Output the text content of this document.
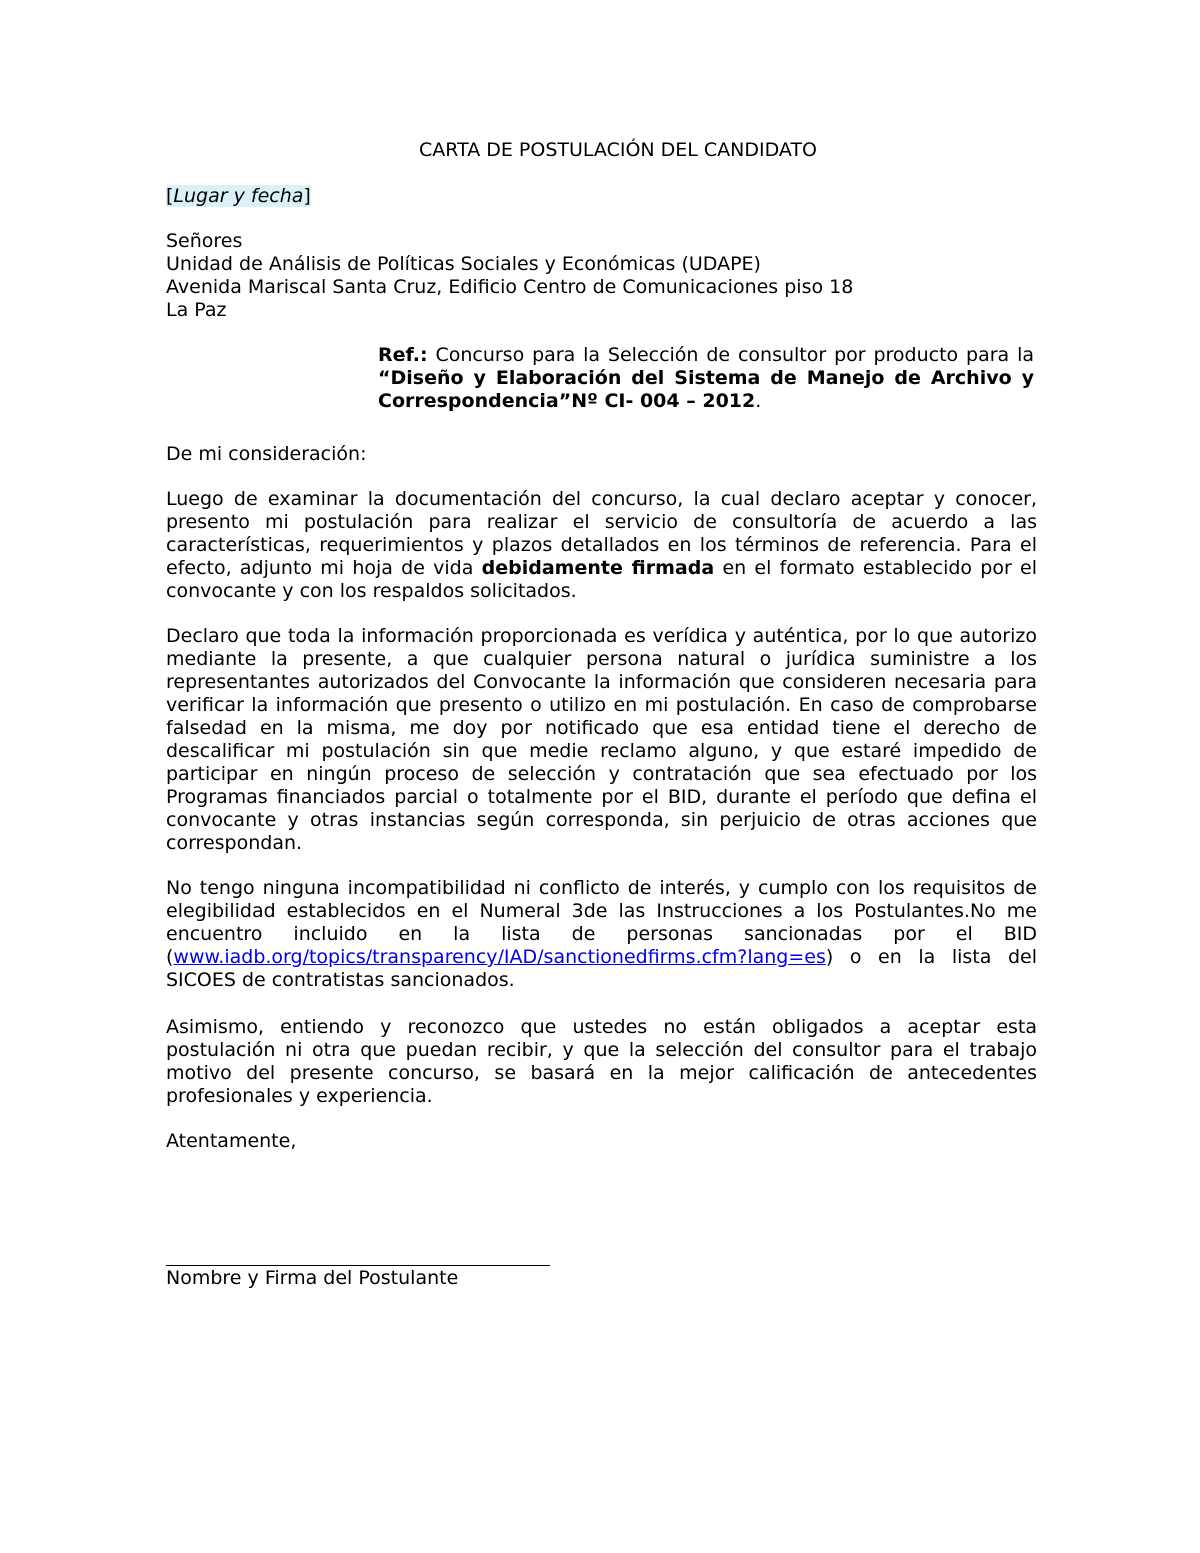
CARTA DE POSTULACIÓN DEL CANDIDATO
[Lugar y fecha]

Señores

Unidad de Análisis de Políticas Sociales y Económicas (UDAPE)

Avenida Mariscal Santa Cruz, Edificio Centro de Comunicaciones piso 18

La Paz

Ref.: Concurso para la Selección de consultor por producto para la “Diseño y Elaboración del Sistema de Manejo de Archivo y Correspondencia”Nº CI- 004 – 2012.
De mi consideración:
Luego de examinar la documentación del concurso, la cual declaro aceptar y conocer, presento mi postulación para realizar el servicio de consultoría de acuerdo a las características, requerimientos y plazos detallados en los términos de referencia. Para el efecto, adjunto mi hoja de vida debidamente firmada en el formato establecido por el convocante y con los respaldos solicitados.
Declaro que toda la información proporcionada es verídica y auténtica, por lo que autorizo mediante la presente, a que cualquier persona natural o jurídica suministre a los representantes autorizados del Convocante la información que consideren necesaria para verificar la información que presento o utilizo en mi postulación. En caso de comprobarse falsedad en la misma, me doy por notificado que esa entidad tiene el derecho de descalificar mi postulación sin que medie reclamo alguno, y que estaré impedido de participar en ningún proceso de selección y contratación que sea efectuado por los Programas financiados parcial o totalmente por el BID, durante el período que defina el convocante y otras instancias según corresponda, sin perjuicio de otras acciones que correspondan.
No tengo ninguna incompatibilidad ni conflicto de interés, y cumplo con los requisitos de elegibilidad establecidos en el Numeral 3de las Instrucciones a los Postulantes.No me encuentro incluido en la lista de personas sancionadas por el BID (www.iadb.org/topics/transparency/IAD/sanctionedfirms.cfm?lang=es) o en la lista del SICOES de contratistas sancionados.
Asimismo, entiendo y reconozco que ustedes no están obligados a aceptar esta postulación ni otra que puedan recibir, y que la selección del consultor para el trabajo motivo del presente concurso, se basará en la mejor calificación de antecedentes profesionales y experiencia.
Atentamente,
Nombre y Firma del Postulante
